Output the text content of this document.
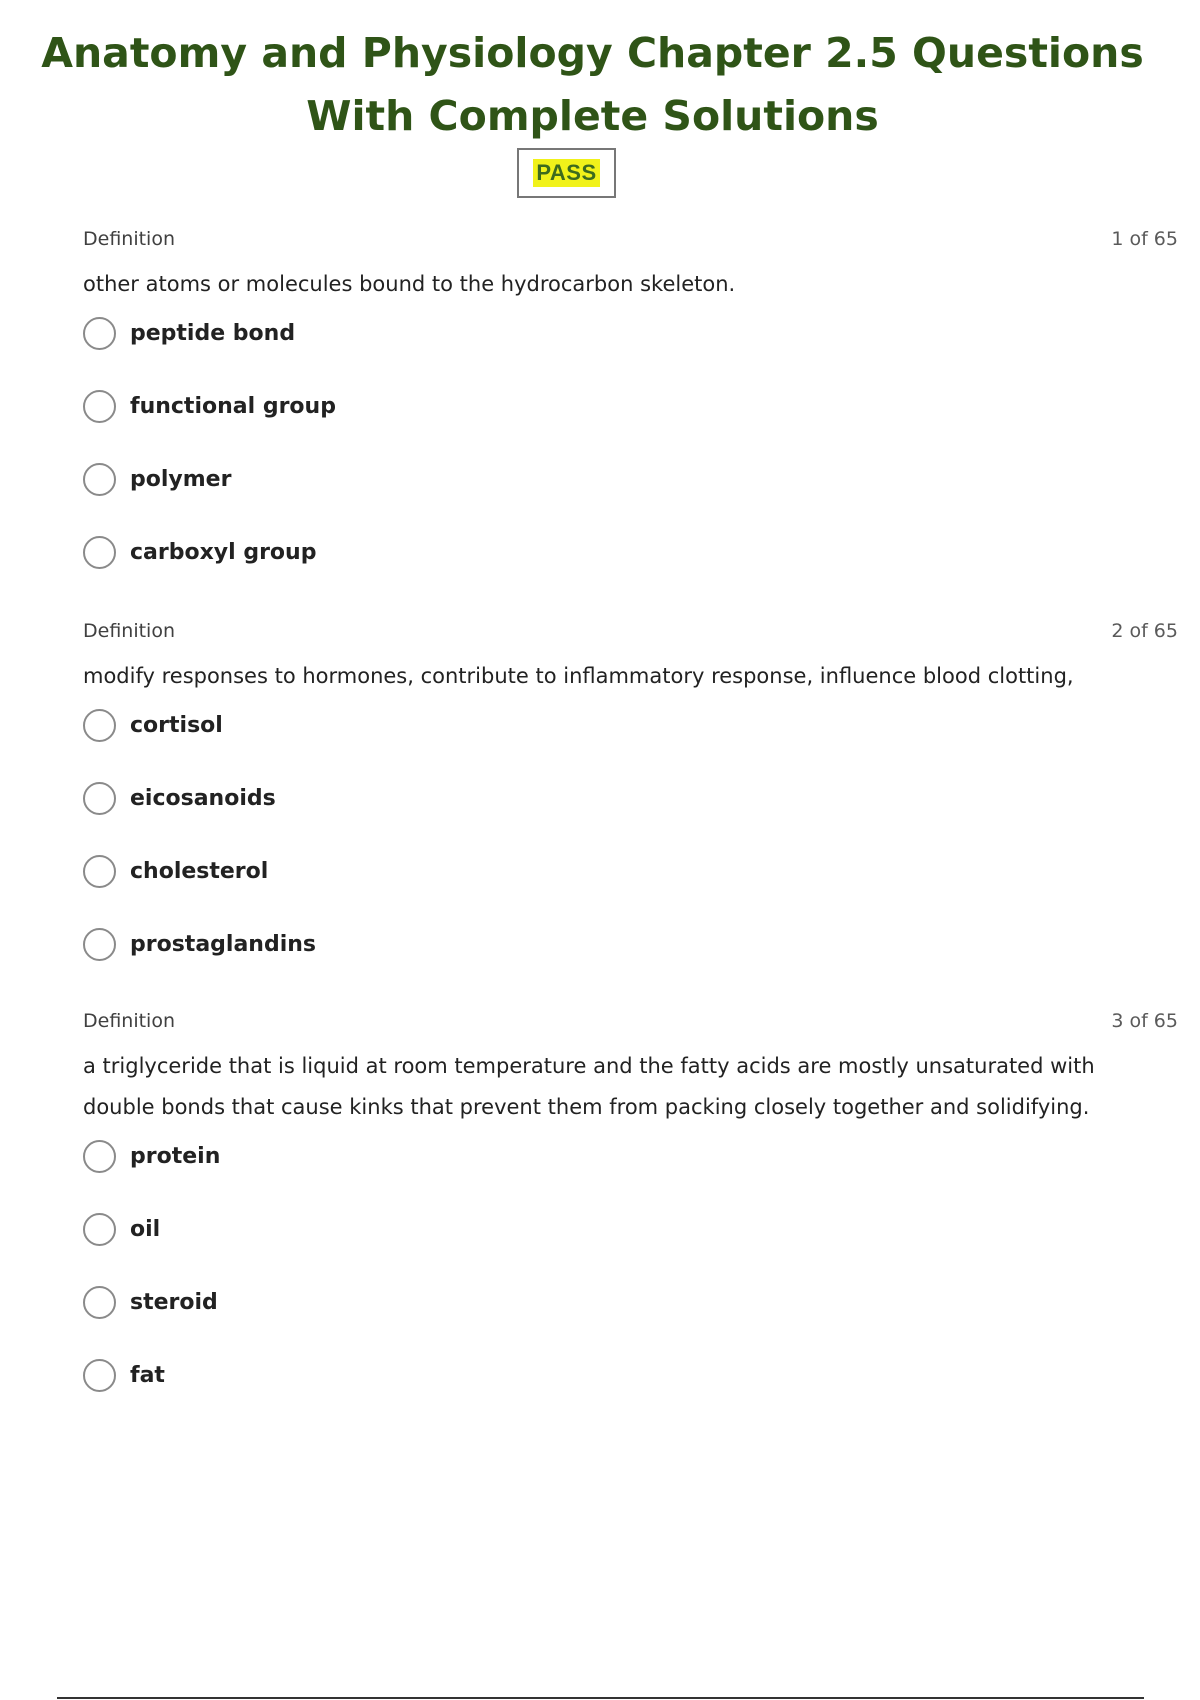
Anatomy and Physiology Chapter 2.5 Questions With Complete Solutions
PASS
Definition	1 of 65
other atoms or molecules bound to the hydrocarbon skeleton.
peptide bond
functional group
polymer
carboxyl group
Definition	2 of 65
modify responses to hormones, contribute to inflammatory response, influence blood clotting,
cortisol
eicosanoids
cholesterol
prostaglandins
Definition	3 of 65
a triglyceride that is liquid at room temperature and the fatty acids are mostly unsaturated with double bonds that cause kinks that prevent them from packing closely together and solidifying.
protein
oil
steroid
fat
